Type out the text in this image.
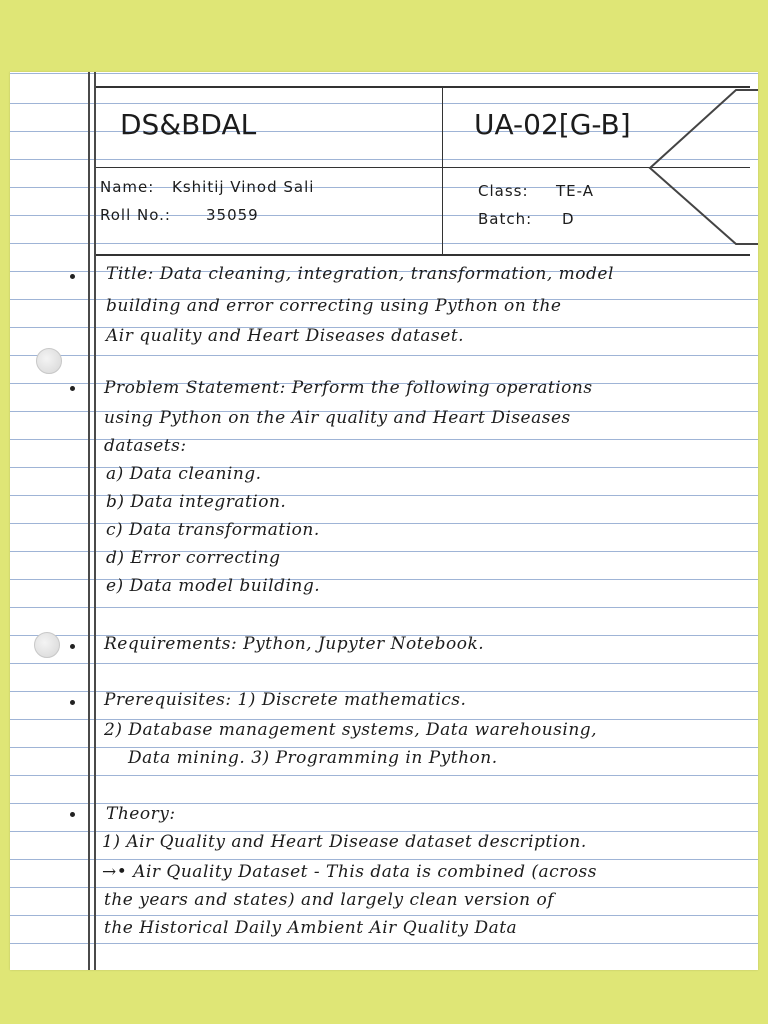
DS&BDAL	UA-02[G-B]
Name: Kshitij Vinod Sali
Roll No.: 35059
Class: TE-A
Batch: D
Title: Data cleaning, integration, transformation, model
building and error correcting using Python on the
Air quality and Heart Diseases dataset.
Problem Statement: Perform the following operations
using Python on the Air quality and Heart Diseases
datasets:
a) Data cleaning.
b) Data integration.
c) Data transformation.
d) Error correcting
e) Data model building.
Requirements: Python, Jupyter Notebook.
Prerequisites: 1) Discrete mathematics.
2) Database management systems, Data warehousing,
Data mining. 3) Programming in Python.
Theory:
1) Air Quality and Heart Disease dataset description.
→• Air Quality Dataset - This data is combined (across
the years and states) and largely clean version of
the Historical Daily Ambient Air Quality Data
